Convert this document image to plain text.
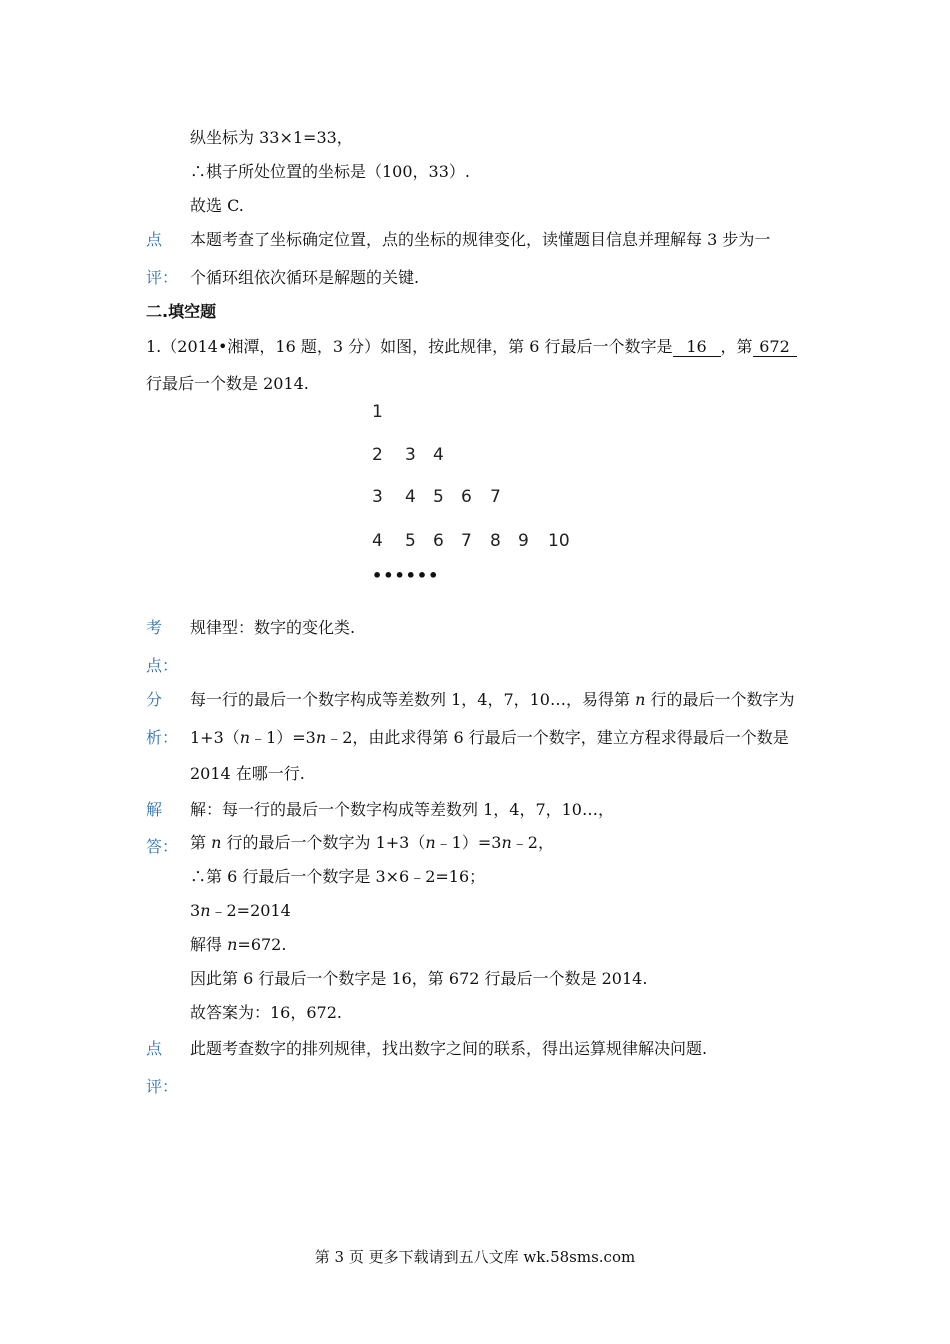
纵坐标为 33×1=33，
∴棋子所处位置的坐标是（100，33）.
故选 C.
点
评：
本题考查了坐标确定位置，点的坐标的规律变化，读懂题目信息并理解每 3 步为一
个循环组依次循环是解题的关键.
二.填空题
1.（2014•湘潭，16 题，3 分）如图，按此规律，第 6 行最后一个数字是 16 ，第 672
行最后一个数是 2014.
1
2 3 4
3 4 5 6 7
4 5 6 7 8 9 10
••••••
考
点：
规律型：数字的变化类.
分
析：
每一行的最后一个数字构成等差数列 1，4，7，10…，易得第 n 行的最后一个数字为
1+3（n﹣1）=3n﹣2，由此求得第 6 行最后一个数字，建立方程求得最后一个数是
2014 在哪一行.
解
答：
解：每一行的最后一个数字构成等差数列 1，4，7，10…，
第 n 行的最后一个数字为 1+3（n﹣1）=3n﹣2，
∴第 6 行最后一个数字是 3×6﹣2=16；
3n﹣2=2014
解得 n=672.
因此第 6 行最后一个数字是 16，第 672 行最后一个数是 2014.
故答案为：16，672.
点
评：
此题考查数字的排列规律，找出数字之间的联系，得出运算规律解决问题.
第 3 页 更多下载请到五八文库 wk.58sms.com
